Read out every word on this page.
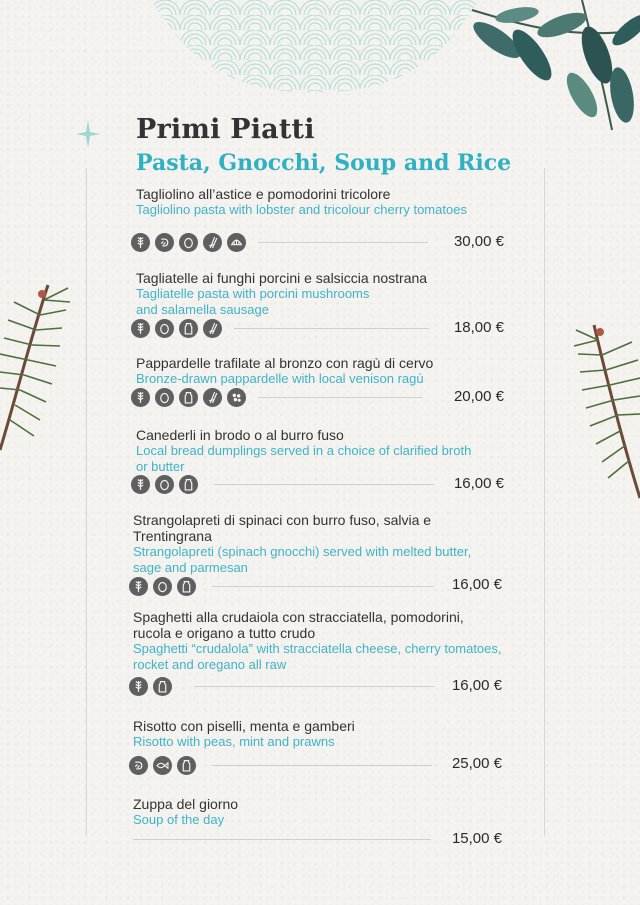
Primi Piatti
Pasta, Gnocchi, Soup and Rice
Tagliolino all’astice e pomodorini tricolore
Tagliolino pasta with lobster and tricolour cherry tomatoes
30,00 €
Tagliatelle ai funghi porcini e salsiccia nostrana
Tagliatelle pasta with porcini mushrooms
and salamella sausage
18,00 €
Pappardelle trafilate al bronzo con ragù di cervo
Bronze-drawn pappardelle with local venison ragù
20,00 €
Canederli in brodo o al burro fuso
Local bread dumplings served in a choice of clarified broth
or butter
16,00 €
Strangolapreti di spinaci con burro fuso, salvia e
Trentingrana
Strangolapreti (spinach gnocchi) served with melted butter,
sage and parmesan
16,00 €
Spaghetti alla crudaiola con stracciatella, pomodorini,
rucola e origano a tutto crudo
Spaghetti “crudalola” with stracciatella cheese, cherry tomatoes,
rocket and oregano all raw
16,00 €
Risotto con piselli, menta e gamberi
Risotto with peas, mint and prawns
25,00 €
Zuppa del giorno
Soup of the day
15,00 €
